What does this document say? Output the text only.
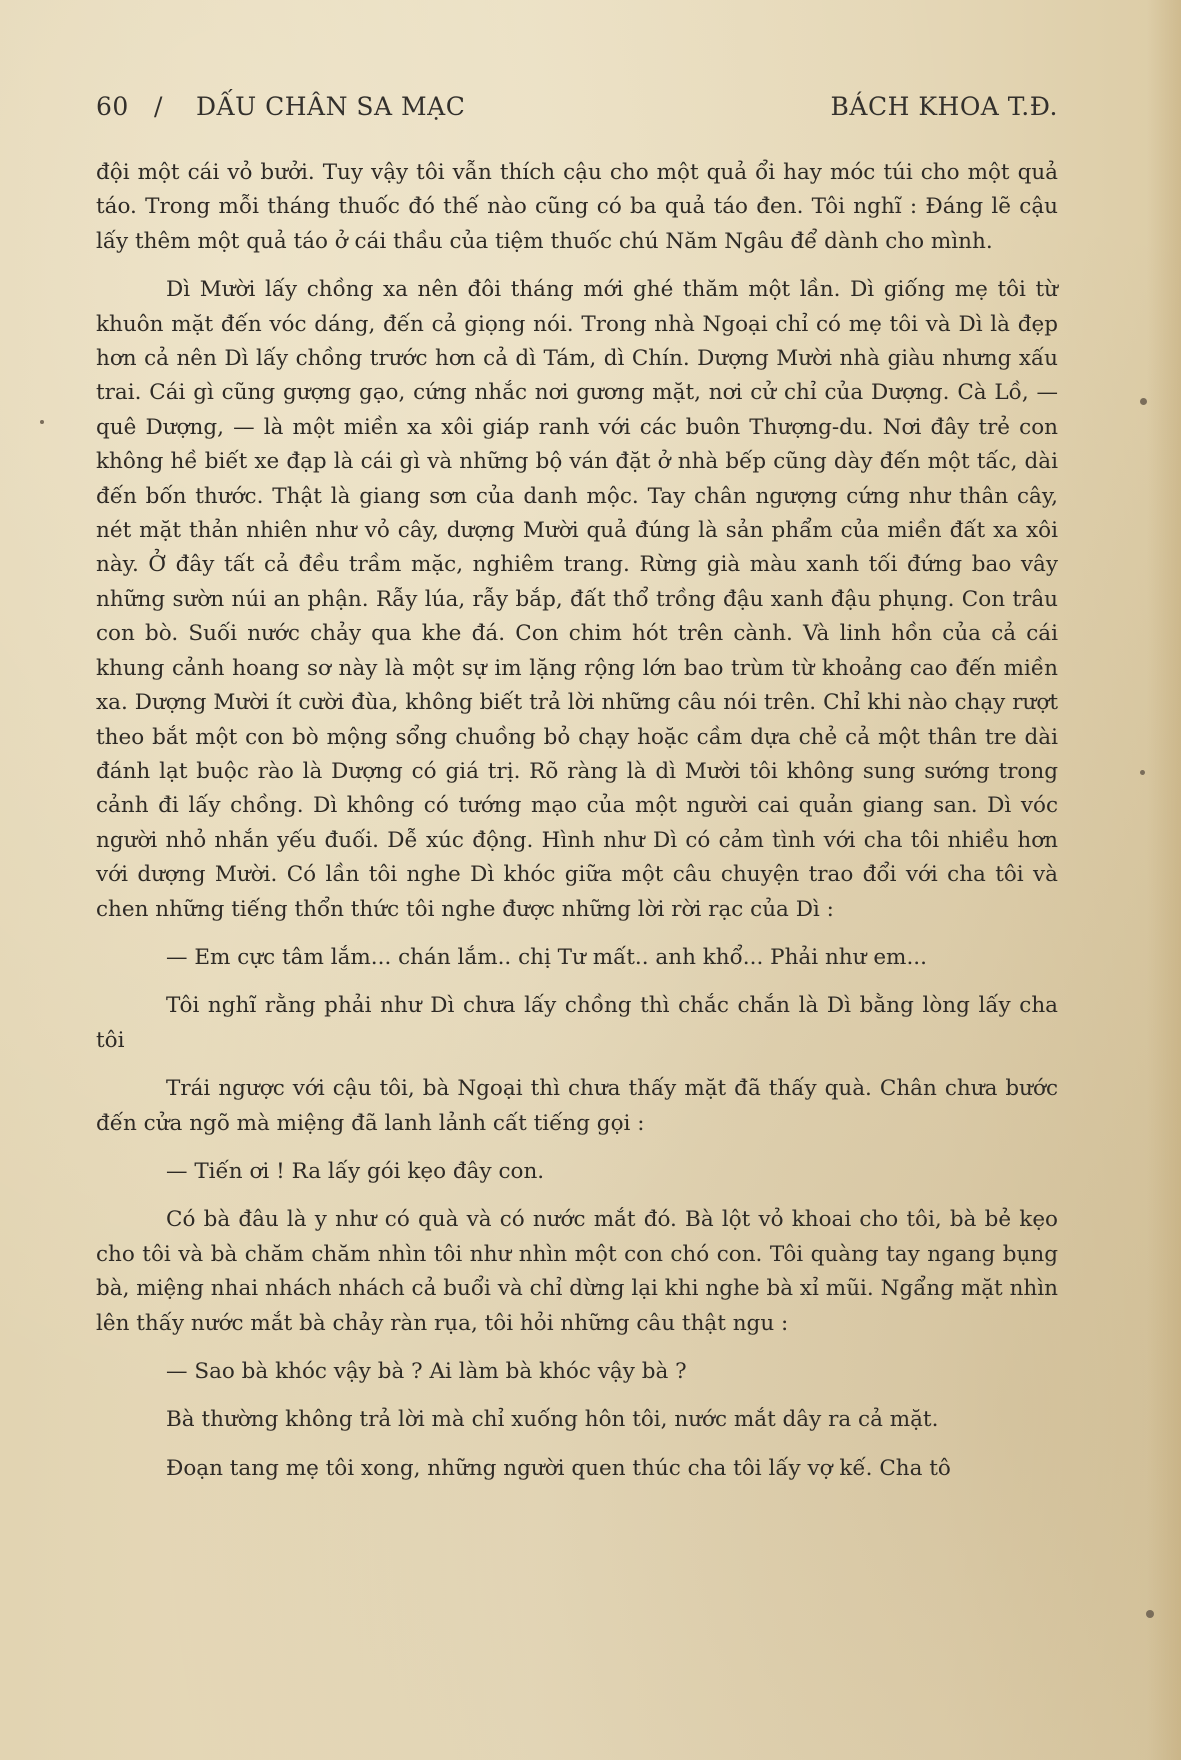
60 / DẤU CHÂN SA MẠC	BÁCH KHOA T.Đ.

đội một cái vỏ bưởi. Tuy vậy tôi vẫn thích cậu cho một quả ổi hay móc túi cho một quả táo. Trong mỗi tháng thuốc đó thế nào cũng có ba quả táo đen. Tôi nghĩ : Đáng lẽ cậu lấy thêm một quả táo ở cái thầu của tiệm thuốc chú Năm Ngâu để dành cho mình.

Dì Mười lấy chồng xa nên đôi tháng mới ghé thăm một lần. Dì giống mẹ tôi từ khuôn mặt đến vóc dáng, đến cả giọng nói. Trong nhà Ngoại chỉ có mẹ tôi và Dì là đẹp hơn cả nên Dì lấy chồng trước hơn cả dì Tám, dì Chín. Dượng Mười nhà giàu nhưng xấu trai. Cái gì cũng gượng gạo, cứng nhắc nơi gương mặt, nơi cử chỉ của Dượng. Cà Lồ, —quê Dượng, — là một miền xa xôi giáp ranh với các buôn Thượng-du. Nơi đây trẻ con không hề biết xe đạp là cái gì và những bộ ván đặt ở nhà bếp cũng dày đến một tấc, dài đến bốn thước. Thật là giang sơn của danh mộc. Tay chân ngượng cứng như thân cây, nét mặt thản nhiên như vỏ cây, dượng Mười quả đúng là sản phẩm của miền đất xa xôi này. Ở đây tất cả đều trầm mặc, nghiêm trang. Rừng già màu xanh tối đứng bao vây những sườn núi an phận. Rẫy lúa, rẫy bắp, đất thổ trồng đậu xanh đậu phụng. Con trâu con bò. Suối nước chảy qua khe đá. Con chim hót trên cành. Và linh hồn của cả cái khung cảnh hoang sơ này là một sự im lặng rộng lớn bao trùm từ khoảng cao đến miền xa. Dượng Mười ít cười đùa, không biết trả lời những câu nói trên. Chỉ khi nào chạy rượt theo bắt một con bò mộng sổng chuồng bỏ chạy hoặc cầm dựa chẻ cả một thân tre dài đánh lạt buộc rào là Dượng có giá trị. Rõ ràng là dì Mười tôi không sung sướng trong cảnh đi lấy chồng. Dì không có tướng mạo của một người cai quản giang san. Dì vóc người nhỏ nhắn yếu đuối. Dễ xúc động. Hình như Dì có cảm tình với cha tôi nhiều hơn với dượng Mười. Có lần tôi nghe Dì khóc giữa một câu chuyện trao đổi với cha tôi và chen những tiếng thổn thức tôi nghe được những lời rời rạc của Dì :

— Em cực tâm lắm... chán lắm.. chị Tư mất.. anh khổ... Phải như em...

Tôi nghĩ rằng phải như Dì chưa lấy chồng thì chắc chắn là Dì bằng lòng lấy cha tôi

Trái ngược với cậu tôi, bà Ngoại thì chưa thấy mặt đã thấy quà. Chân chưa bước đến cửa ngõ mà miệng đã lanh lảnh cất tiếng gọi :

— Tiến ơi ! Ra lấy gói kẹo đây con.

Có bà đâu là y như có quà và có nước mắt đó. Bà lột vỏ khoai cho tôi, bà bẻ kẹo cho tôi và bà chăm chăm nhìn tôi như nhìn một con chó con. Tôi quàng tay ngang bụng bà, miệng nhai nhách nhách cả buổi và chỉ dừng lại khi nghe bà xỉ mũi. Ngẩng mặt nhìn lên thấy nước mắt bà chảy ràn rụa, tôi hỏi những câu thật ngu :

— Sao bà khóc vậy bà ? Ai làm bà khóc vậy bà ?

Bà thường không trả lời mà chỉ xuống hôn tôi, nước mắt dây ra cả mặt.

Đoạn tang mẹ tôi xong, những người quen thúc cha tôi lấy vợ kế. Cha tô
